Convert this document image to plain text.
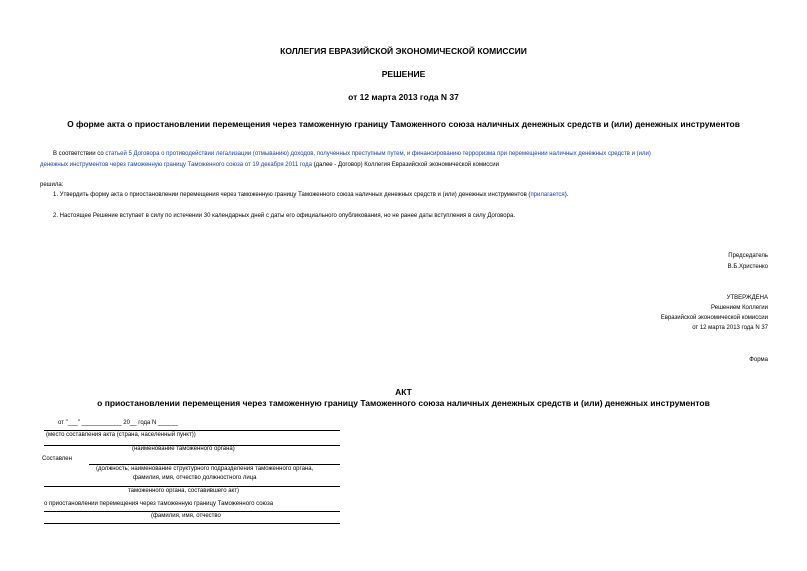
КОЛЛЕГИЯ ЕВРАЗИЙСКОЙ ЭКОНОМИЧЕСКОЙ КОМИССИИ
РЕШЕНИЕ
от 12 марта 2013 года N 37
О форме акта о приостановлении перемещения через таможенную границу Таможенного союза наличных денежных средств и (или) денежных инструментов
В соответствии со статьей 5 Договора о противодействии легализации (отмыванию) доходов, полученных преступным путем, и финансированию терроризма при перемещении наличных денежных средств и (или)
денежных инструментов через таможенную границу Таможенного союза от 19 декабря 2011 года (далее - Договор) Коллегия Евразийской экономической комиссии
решила:
1. Утвердить форму акта о приостановлении перемещения через таможенную границу Таможенного союза наличных денежных средств и (или) денежных инструментов (прилагается).
2. Настоящее Решение вступает в силу по истечении 30 календарных дней с даты его официального опубликования, но не ранее даты вступления в силу Договора.
Председатель
В.Б.Христенко
УТВЕРЖДЕНА
Решением Коллегии
Евразийской экономической комиссии
от 12 марта 2013 года N 37
Форма
АКТ
о приостановлении перемещения через таможенную границу Таможенного союза наличных денежных средств и (или) денежных инструментов
от "___" ____________ 20__ года N ______
(место составления акта (страна, населенный пункт))
(наименование таможенного органа)
Составлен
(должность; наименование структурного подразделения таможенного органа,
фамилия, имя, отчество должностного лица
таможенного органа, составившего акт)
о приостановлении перемещения через таможенную границу Таможенного союза
(фамилия, имя, отчество
